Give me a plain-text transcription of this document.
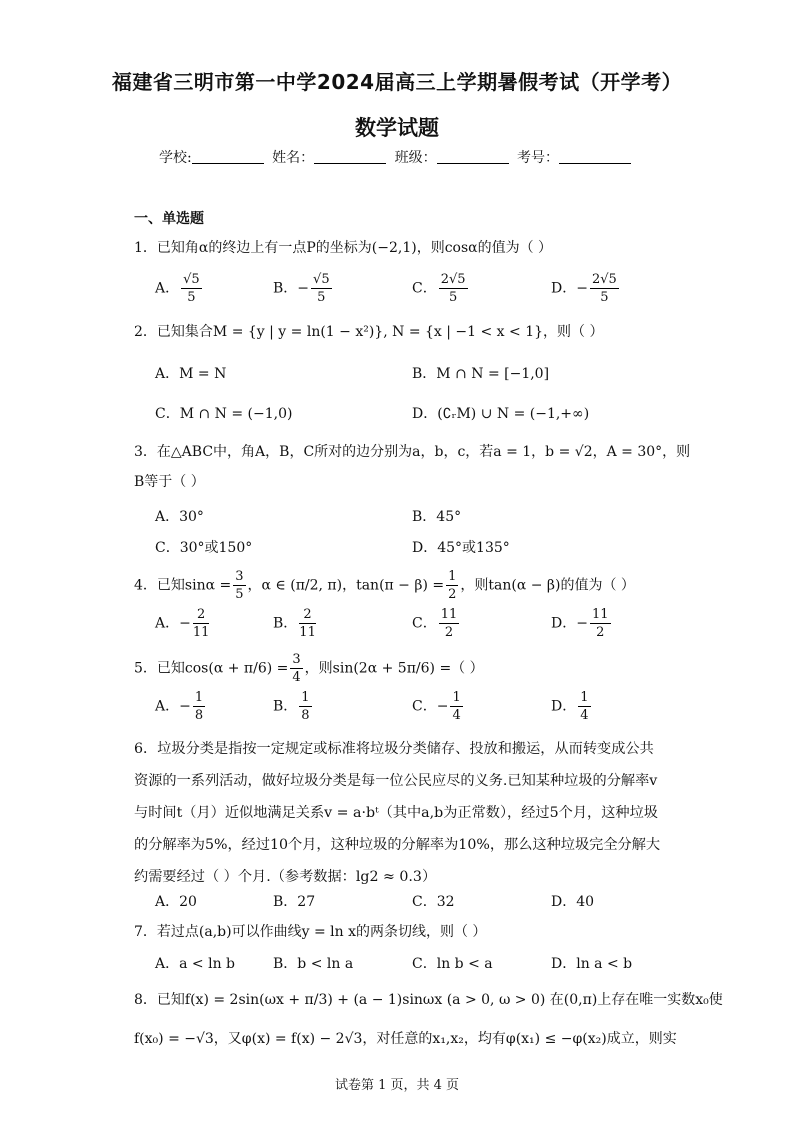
福建省三明市第一中学2024届高三上学期暑假考试（开学考）
数学试题
学校:	姓名：	班级：	考号：
一、单选题
1．已知角α的终边上有一点P的坐标为(−2,1)，则cosα的值为（ ）
A． $\frac{√5}{5}$	B．− $\frac{√5}{5}$	C． $\frac{2√5}{5}$	D．− $\frac{2√5}{5}$
2．已知集合M = {y | y = ln(1 − x²)}, N = {x | −1 < x < 1}，则（ ）
A．M = N	B．M ∩ N = [−1,0]
C．M ∩ N = (−1,0)	D．(∁ᵣM) ∪ N = (−1,+∞)
3．在△ABC中，角A，B，C所对的边分别为a，b，c，若a = 1，b = √2，A = 30°，则
B等于（ ）
A．30°	B．45°
C．30°或150°	D．45°或135°
4．已知$\sin\alpha = \frac{3}{5}$ ，α ∈ (π/2, π)，$\tan(\pi - \beta) = \frac{1}{2}$ ，则tan(α − β)的值为（ ）
A．− $\frac{2}{11}$	B． $\frac{2}{11}$	C． $\frac{11}{2}$	D．− $\frac{11}{2}$
5．已知$\cos(\alpha + \pi/6) = \frac{3}{4}$ ，则sin(2α + 5π/6) =（ ）
A．− $\frac{1}{8}$	B． $\frac{1}{8}$	C．− $\frac{1}{4}$	D． $\frac{1}{4}$
6．垃圾分类是指按一定规定或标准将垃圾分类储存、投放和搬运，从而转变成公共资源的一系列活动，做好垃圾分类是每一位公民应尽的义务.已知某种垃圾的分解率v与时间t（月）近似地满足关系v = a·bᵗ（其中a,b为正常数），经过5个月，这种垃圾的分解率为5%，经过10个月，这种垃圾的分解率为10%，那么这种垃圾完全分解大约需要经过（ ）个月.（参考数据：lg2 ≈ 0.3）
A．20	B．27	C．32	D．40
7．若过点(a,b)可以作曲线y = ln x的两条切线，则（ ）
A．a < ln b	B．b < ln a	C．ln b < a	D．ln a < b
8．已知f(x) = 2sin(ωx + π/3) + (a − 1)sinωx (a > 0, ω > 0) 在(0,π)上存在唯一实数x₀使
f(x₀) = −√3，又φ(x) = f(x) − 2√3，对任意的x₁,x₂，均有φ(x₁) ≤ −φ(x₂)成立，则实
试卷第 1 页，共 4 页
